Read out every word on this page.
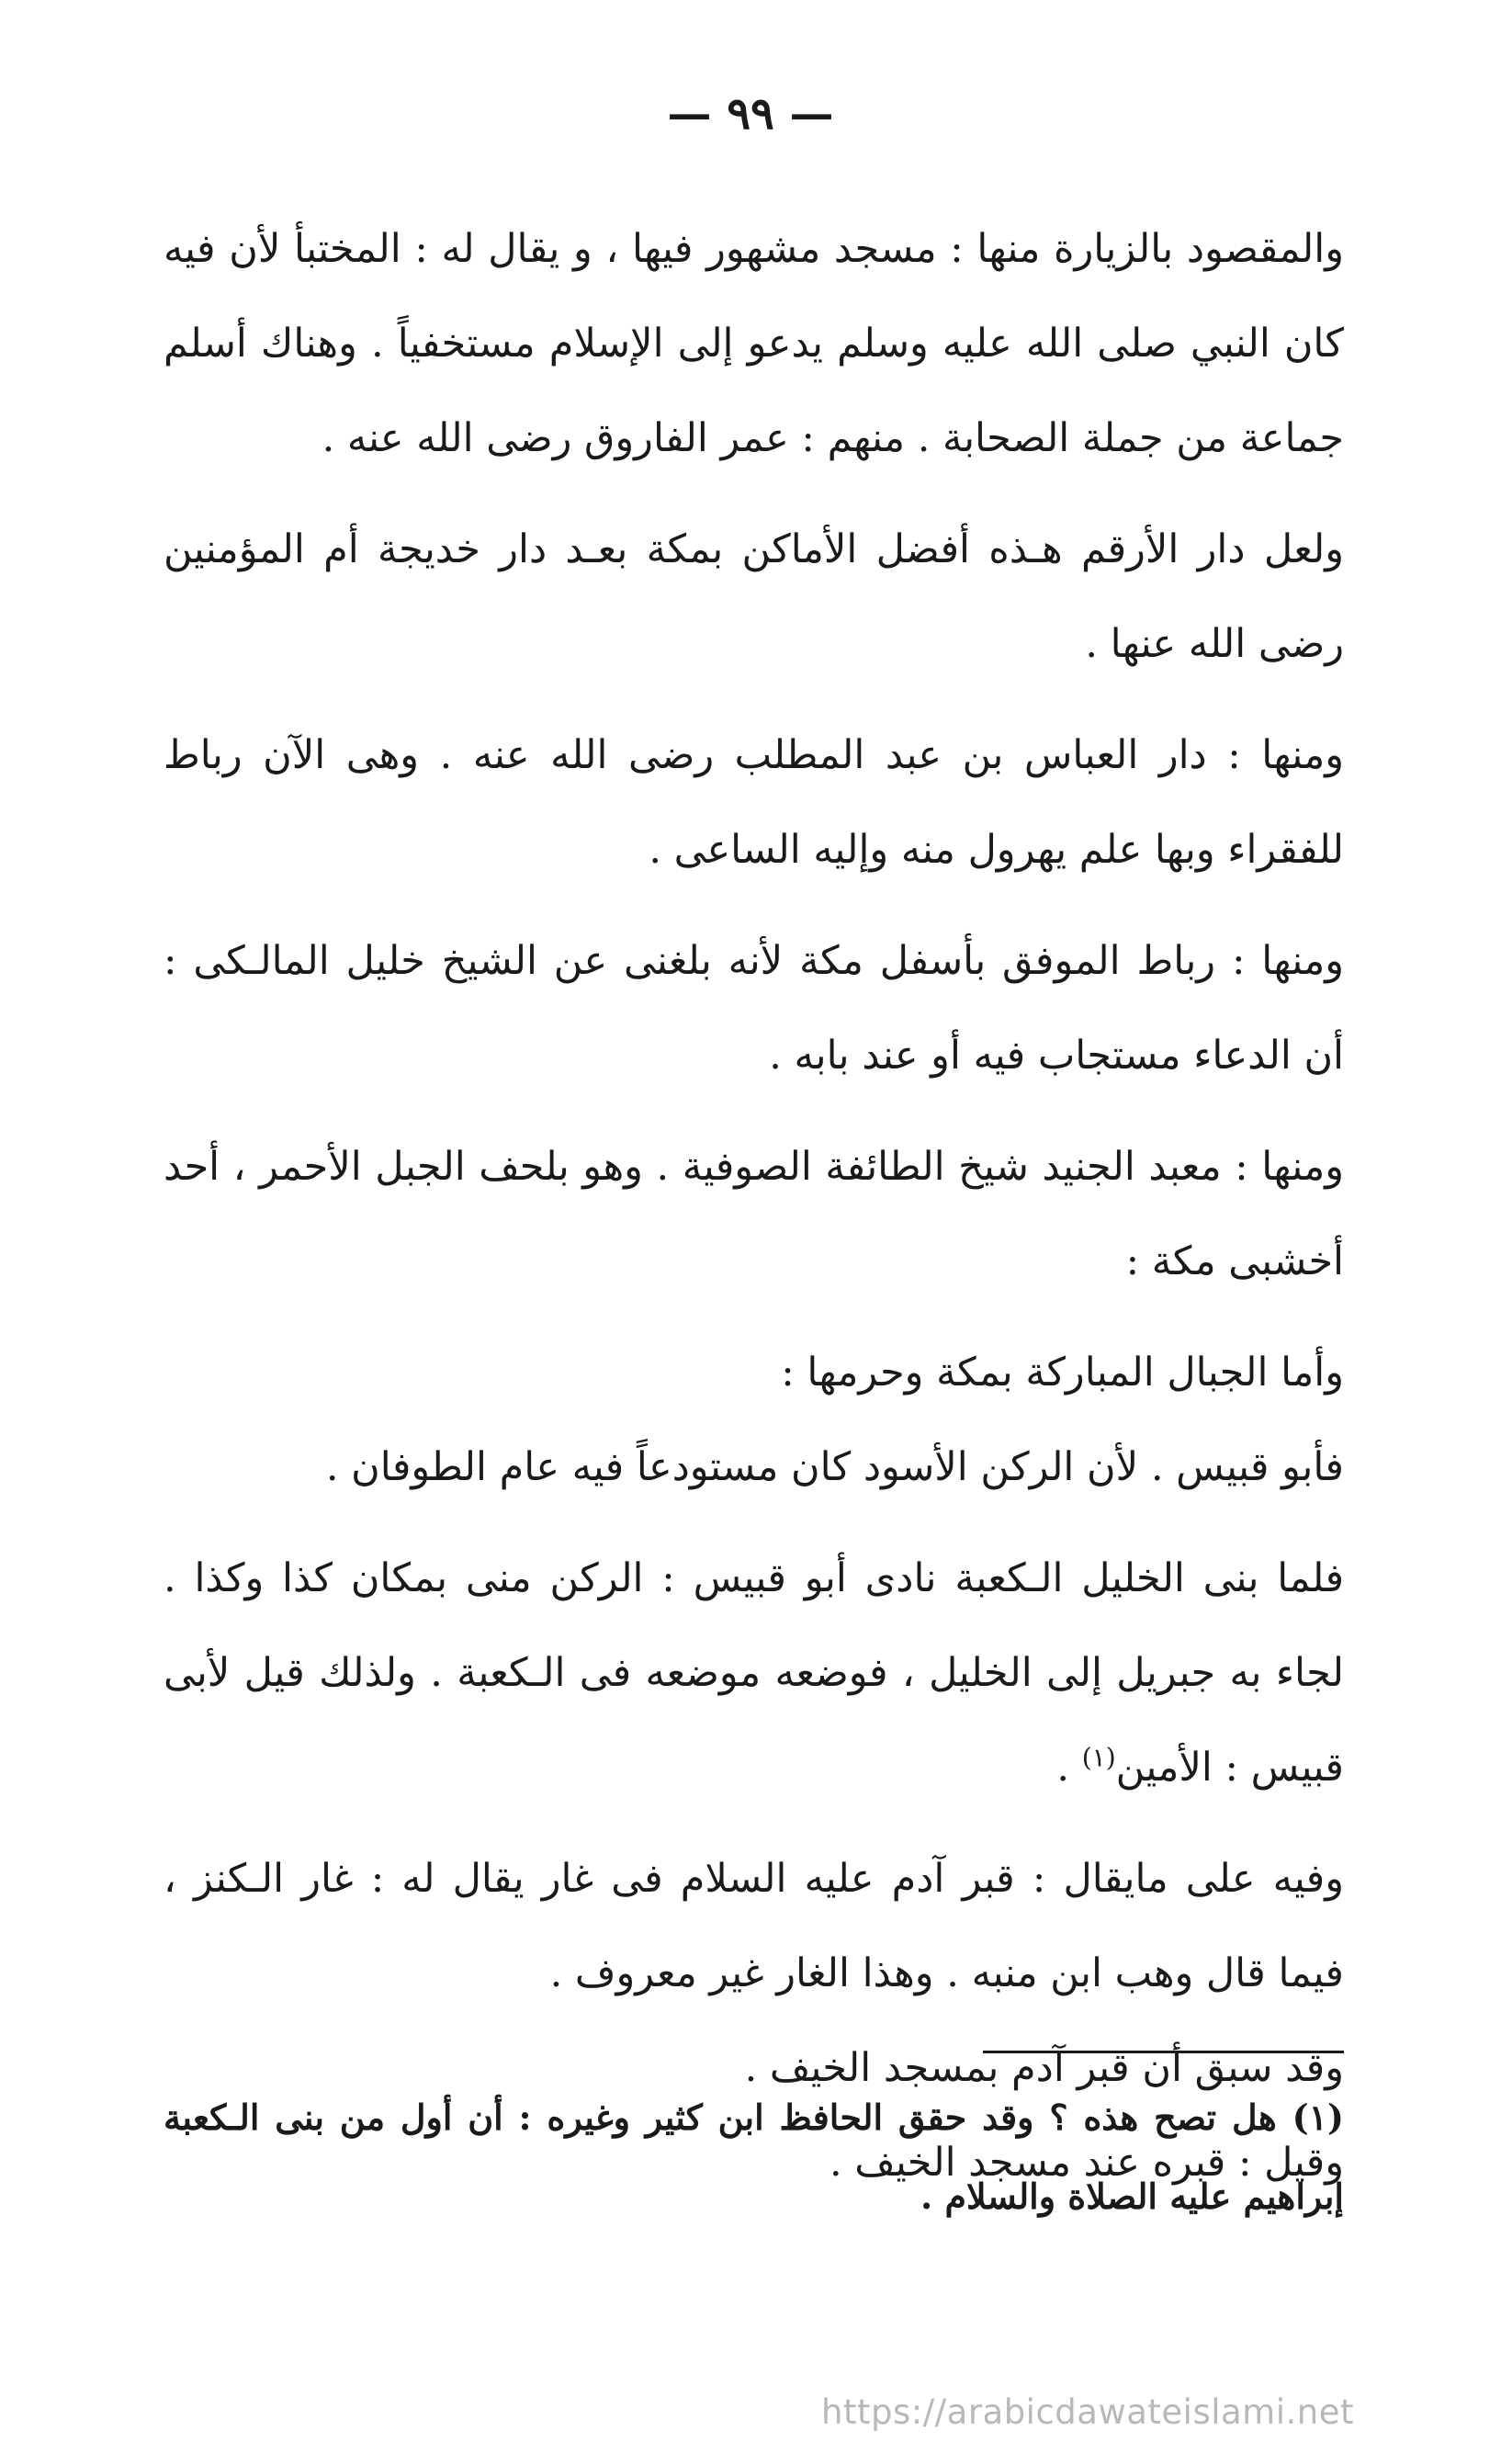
— ٩٩ —

والمقصود بالزيارة منها : مسجد مشهور فيها ، و يقال له : المختبأ لأن فيه كان النبي صلى الله عليه وسلم يدعو إلى الإسلام مستخفياً . وهناك أسلم جماعة من جملة الصحابة . منهم : عمر الفاروق رضى الله عنه .

ولعل دار الأرقم هـذه أفضل الأماكن بمكة بعـد دار خديجة أم المؤمنين رضى الله عنها .

ومنها : دار العباس بن عبد المطلب رضى الله عنه . وهى الآن رباط للفقراء وبها علم يهرول منه وإليه الساعى .

ومنها : رباط الموفق بأسفل مكة لأنه بلغنى عن الشيخ خليل المالـكى : أن الدعاء مستجاب فيه أو عند بابه .

ومنها : معبد الجنيد شيخ الطائفة الصوفية . وهو بلحف الجبل الأحمر ، أحد أخشبى مكة :

وأما الجبال المباركة بمكة وحرمها :

فأبو قبيس . لأن الركن الأسود كان مستودعاً فيه عام الطوفان .

فلما بنى الخليل الـكعبة نادى أبو قبيس : الركن منى بمكان كذا وكذا . لجاء به جبريل إلى الخليل ، فوضعه موضعه فى الـكعبة . ولذلك قيل لأبى قبيس : الأمين$^{(١)}$ .

وفيه على مايقال : قبر آدم عليه السلام فى غار يقال له : غار الـكنز ، فيما قال وهب ابن منبه . وهذا الغار غير معروف .

وقد سبق أن قبر آدم بمسجد الخيف .

وقيل : قبره عند مسجد الخيف .

(١) هل تصح هذه ؟ وقد حقق الحافظ ابن كثير وغيره : أن أول من بنى الـكعبة إبراهيم عليه الصلاة والسلام .
https://arabicdawateislami.net
